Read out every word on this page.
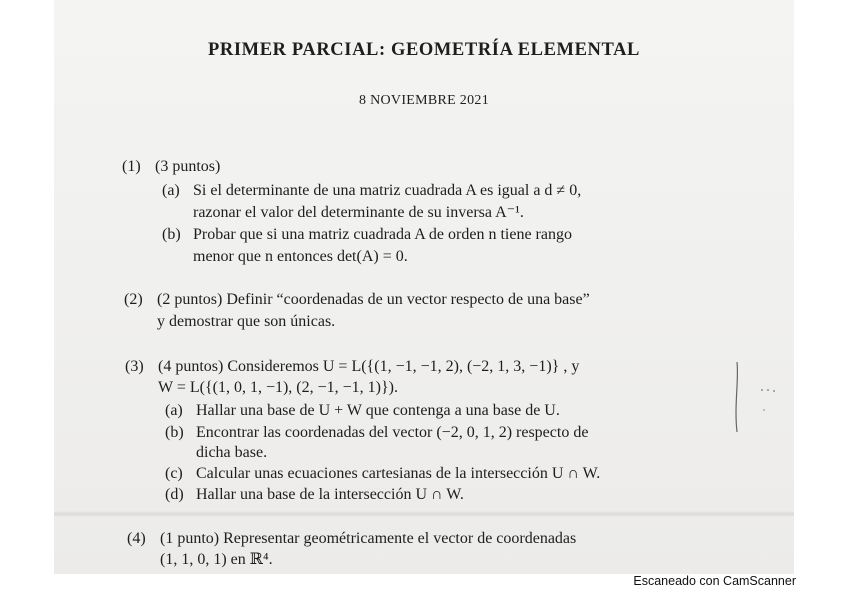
PRIMER PARCIAL: GEOMETRÍA ELEMENTAL
8 NOVIEMBRE 2021
(1) (3 puntos)
(a) Si el determinante de una matriz cuadrada A es igual a d ≠ 0,
razonar el valor del determinante de su inversa A⁻¹.
(b) Probar que si una matriz cuadrada A de orden n tiene rango
menor que n entonces det(A) = 0.
(2) (2 puntos) Definir “coordenadas de un vector respecto de una base”
y demostrar que son únicas.
(3) (4 puntos) Consideremos U = L({(1, −1, −1, 2), (−2, 1, 3, −1)} , y
W = L({(1, 0, 1, −1), (2, −1, −1, 1)}).
(a) Hallar una base de U + W que contenga a una base de U.
(b) Encontrar las coordenadas del vector (−2, 0, 1, 2) respecto de
dicha base.
(c) Calcular unas ecuaciones cartesianas de la intersección U ∩ W.
(d) Hallar una base de la intersección U ∩ W.
(4) (1 punto) Representar geométricamente el vector de coordenadas
(1, 1, 0, 1) en ℝ⁴.
Escaneado con CamScanner
